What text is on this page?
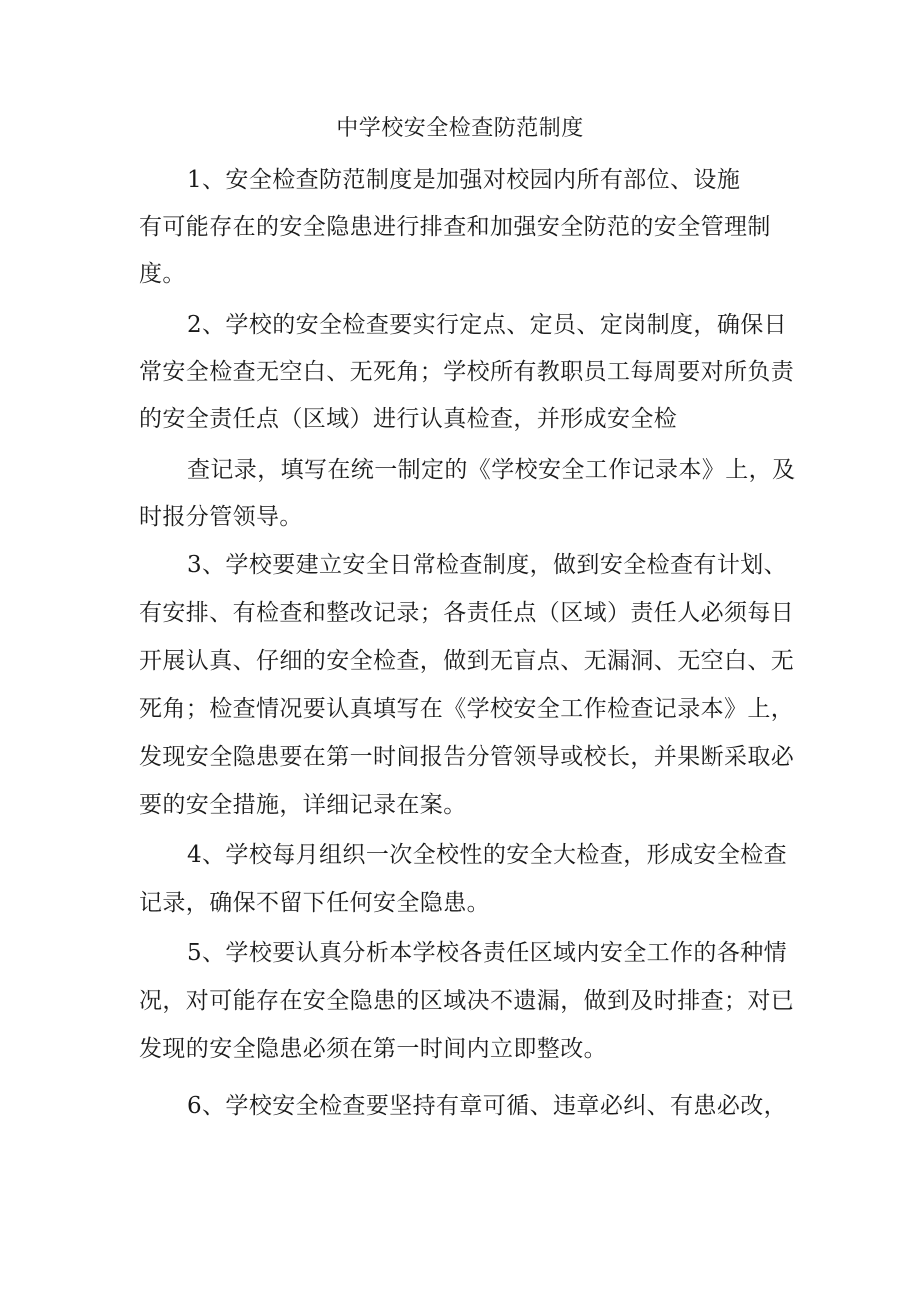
中学校安全检查防范制度
1、安全检查防范制度是加强对校园内所有部位、设施
有可能存在的安全隐患进行排查和加强安全防范的安全管理制
度。
2、学校的安全检查要实行定点、定员、定岗制度，确保日
常安全检查无空白、无死角；学校所有教职员工每周要对所负责
的安全责任点（区域）进行认真检查，并形成安全检
查记录，填写在统一制定的《学校安全工作记录本》上，及
时报分管领导。
3、学校要建立安全日常检查制度，做到安全检查有计划、
有安排、有检查和整改记录；各责任点（区域）责任人必须每日
开展认真、仔细的安全检查，做到无盲点、无漏洞、无空白、无
死角；检查情况要认真填写在《学校安全工作检查记录本》上，
发现安全隐患要在第一时间报告分管领导或校长，并果断采取必
要的安全措施，详细记录在案。
4、学校每月组织一次全校性的安全大检查，形成安全检查
记录，确保不留下任何安全隐患。
5、学校要认真分析本学校各责任区域内安全工作的各种情
况，对可能存在安全隐患的区域决不遗漏，做到及时排查；对已
发现的安全隐患必须在第一时间内立即整改。
6、学校安全检查要坚持有章可循、违章必纠、有患必改，
